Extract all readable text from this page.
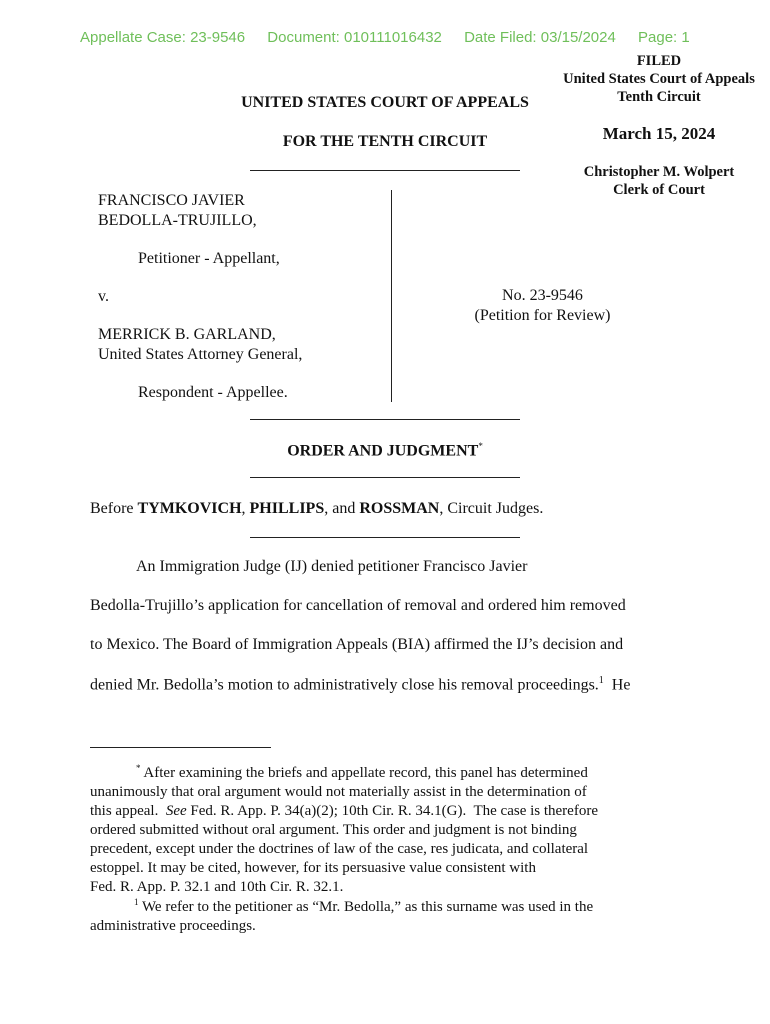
Appellate Case: 23-9546 Document: 010111016432 Date Filed: 03/15/2024 Page: 1
FILED
United States Court of Appeals
Tenth Circuit
March 15, 2024
Christopher M. Wolpert
Clerk of Court
UNITED STATES COURT OF APPEALS
FOR THE TENTH CIRCUIT
FRANCISCO JAVIER
BEDOLLA-TRUJILLO,
Petitioner - Appellant,
v.
MERRICK B. GARLAND,
United States Attorney General,
Respondent - Appellee.
No. 23-9546
(Petition for Review)
ORDER AND JUDGMENT*
Before TYMKOVICH, PHILLIPS, and ROSSMAN, Circuit Judges.
An Immigration Judge (IJ) denied petitioner Francisco Javier
Bedolla-Trujillo’s application for cancellation of removal and ordered him removed
to Mexico. The Board of Immigration Appeals (BIA) affirmed the IJ’s decision and
denied Mr. Bedolla’s motion to administratively close his removal proceedings.$^1$  He
* After examining the briefs and appellate record, this panel has determined
unanimously that oral argument would not materially assist in the determination of
this appeal.  See Fed. R. App. P. 34(a)(2); 10th Cir. R. 34.1(G).  The case is therefore
ordered submitted without oral argument. This order and judgment is not binding
precedent, except under the doctrines of law of the case, res judicata, and collateral
estoppel. It may be cited, however, for its persuasive value consistent with
Fed. R. App. P. 32.1 and 10th Cir. R. 32.1.
$^1$ We refer to the petitioner as “Mr. Bedolla,” as this surname was used in the
administrative proceedings.
